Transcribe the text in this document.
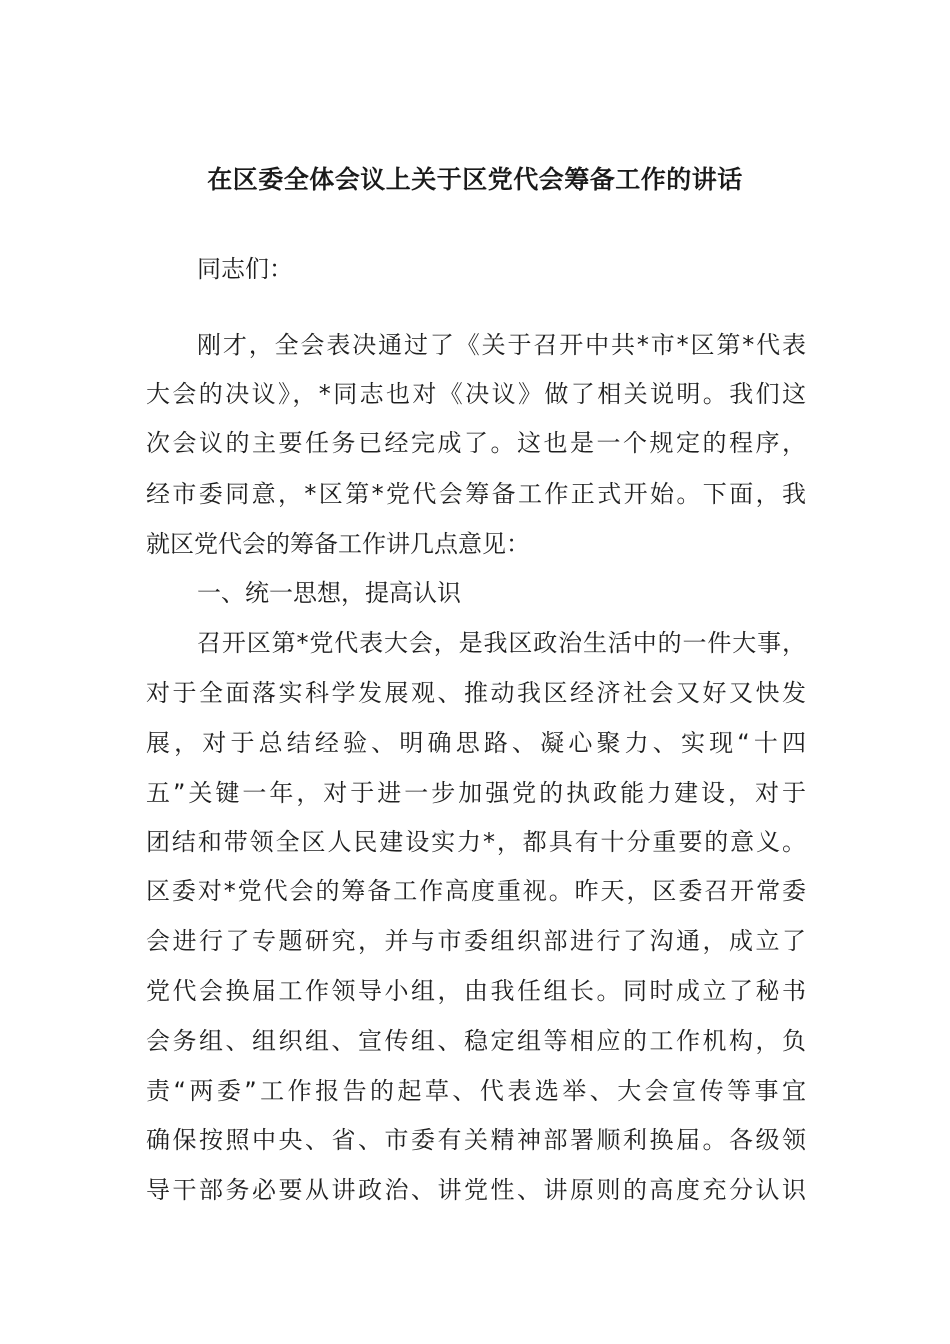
在区委全体会议上关于区党代会筹备工作的讲话
同志们：
刚才，全会表决通过了《关于召开中共*市*区第*代表
大会的决议》，*同志也对《决议》做了相关说明。我们这
次会议的主要任务已经完成了。这也是一个规定的程序，
经市委同意，*区第*党代会筹备工作正式开始。下面，我
就区党代会的筹备工作讲几点意见：
一、统一思想，提高认识
召开区第*党代表大会，是我区政治生活中的一件大事，
对于全面落实科学发展观、推动我区经济社会又好又快发
展，对于总结经验、明确思路、凝心聚力、实现“十四
五”关键一年，对于进一步加强党的执政能力建设，对于
团结和带领全区人民建设实力*，都具有十分重要的意义。
区委对*党代会的筹备工作高度重视。昨天，区委召开常委
会进行了专题研究，并与市委组织部进行了沟通，成立了
党代会换届工作领导小组，由我任组长。同时成立了秘书
会务组、组织组、宣传组、稳定组等相应的工作机构，负
责“两委”工作报告的起草、代表选举、大会宣传等事宜
确保按照中央、省、市委有关精神部署顺利换届。各级领
导干部务必要从讲政治、讲党性、讲原则的高度充分认识
